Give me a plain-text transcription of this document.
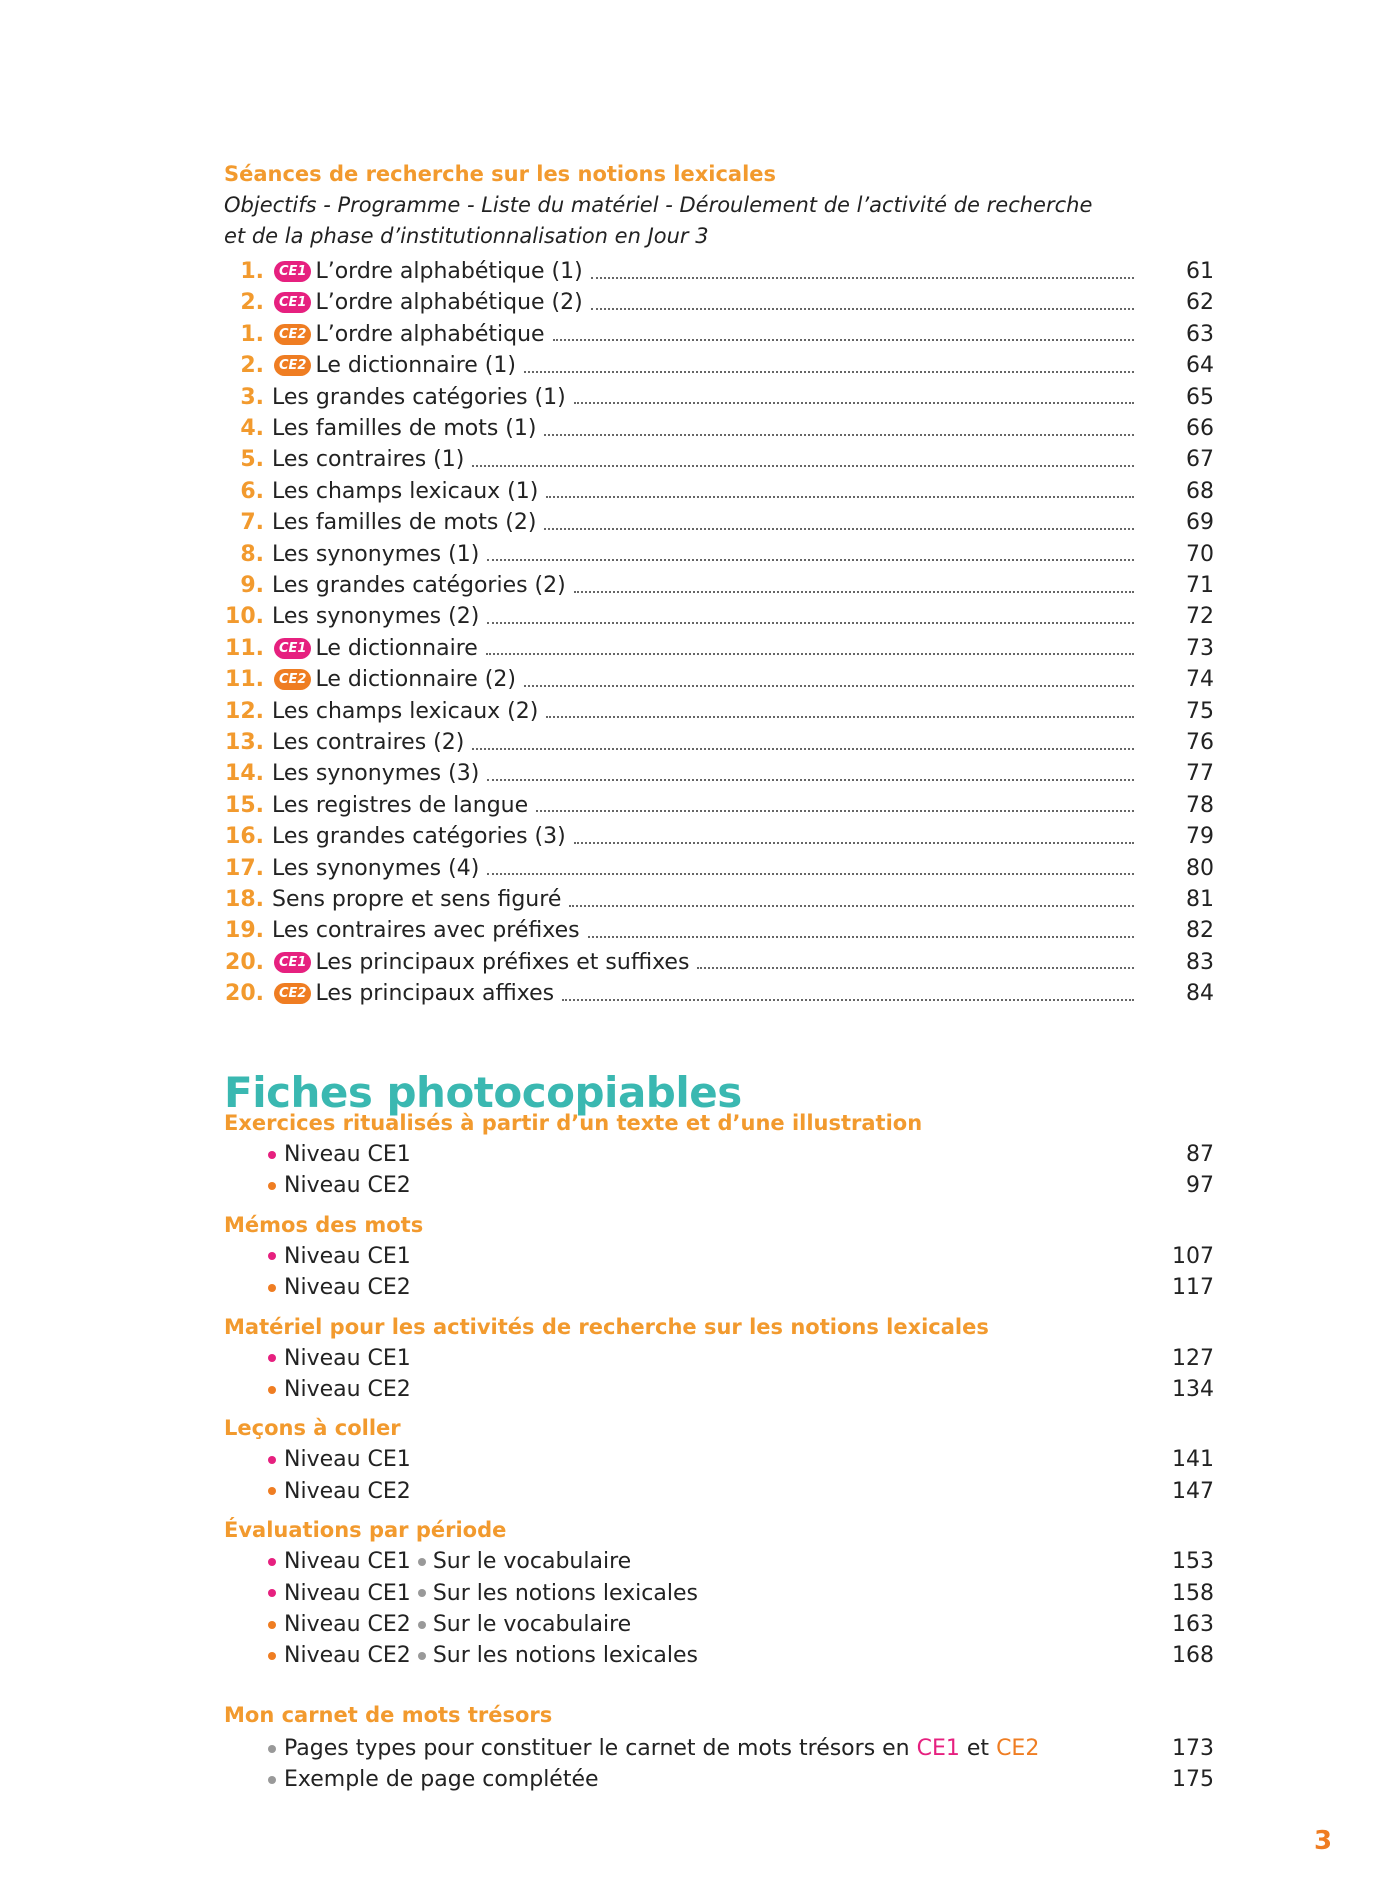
Séances de recherche sur les notions lexicales
Objectifs - Programme - Liste du matériel - Déroulement de l’activité de recherche
et de la phase d’institutionnalisation en Jour 3
1.	CE1 L’ordre alphabétique (1)	61
2.	CE1 L’ordre alphabétique (2)	62
1.	CE2 L’ordre alphabétique	63
2.	CE2 Le dictionnaire (1)	64
3. Les grandes catégories (1)	65
4. Les familles de mots (1)	66
5. Les contraires (1)	67
6. Les champs lexicaux (1)	68
7. Les familles de mots (2)	69
8. Les synonymes (1)	70
9. Les grandes catégories (2)	71
10. Les synonymes (2)	72
11.	CE1 Le dictionnaire	73
11.	CE2 Le dictionnaire (2)	74
12. Les champs lexicaux (2)	75
13. Les contraires (2)	76
14. Les synonymes (3)	77
15. Les registres de langue	78
16. Les grandes catégories (3)	79
17. Les synonymes (4)	80
18. Sens propre et sens figuré	81
19. Les contraires avec préfixes	82
20.	CE1 Les principaux préfixes et suffixes	83
20.	CE2 Les principaux affixes	84
Fiches photocopiables
Exercices ritualisés à partir d’un texte et d’une illustration
Niveau CE1	87
Niveau CE2	97
Mémos des mots
Niveau CE1	107
Niveau CE2	117
Matériel pour les activités de recherche sur les notions lexicales
Niveau CE1	127
Niveau CE2	134
Leçons à coller
Niveau CE1	141
Niveau CE2	147
Évaluations par période
Niveau CE1 Sur le vocabulaire	153
Niveau CE1 Sur les notions lexicales	158
Niveau CE2 Sur le vocabulaire	163
Niveau CE2 Sur les notions lexicales	168
Mon carnet de mots trésors
Pages types pour constituer le carnet de mots trésors en
CE1
et
CE2	173
Exemple de page complétée	175
3
